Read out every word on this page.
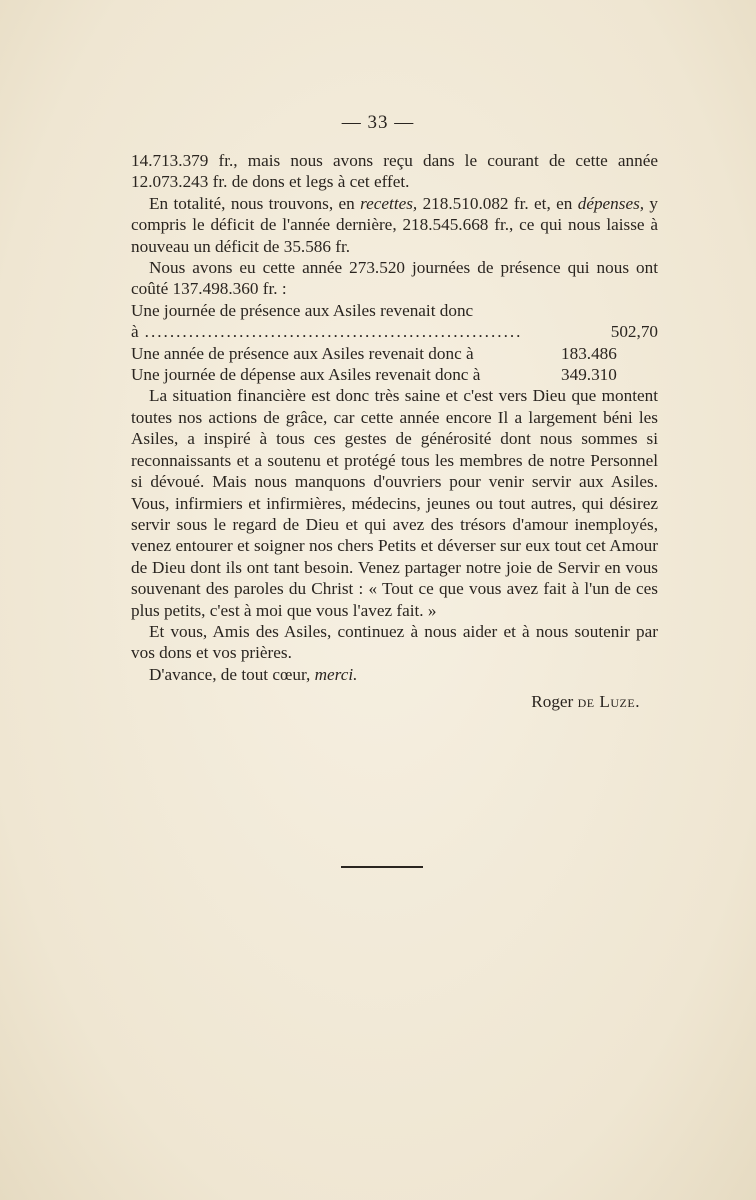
— 33 —

14.713.379 fr., mais nous avons reçu dans le courant de cette année 12.073.243 fr. de dons et legs à cet effet.

En totalité, nous trouvons, en recettes, 218.510.082 fr. et, en dépenses, y compris le déficit de l'année dernière, 218.545.668 fr., ce qui nous laisse à nouveau un déficit de 35.586 fr.

Nous avons eu cette année 273.520 journées de présence qui nous ont coûté 137.498.360 fr. :

Une journée de présence aux Asiles revenait donc
à ............................................................	502,70
Une année de présence aux Asiles revenait donc à	183.486
Une journée de dépense aux Asiles revenait donc à	349.310

La situation financière est donc très saine et c'est vers Dieu que montent toutes nos actions de grâce, car cette année encore Il a largement béni les Asiles, a inspiré à tous ces gestes de générosité dont nous sommes si reconnaissants et a soutenu et protégé tous les membres de notre Personnel si dévoué. Mais nous manquons d'ouvriers pour venir servir aux Asiles. Vous, infirmiers et infirmières, médecins, jeunes ou tout autres, qui désirez servir sous le regard de Dieu et qui avez des trésors d'amour inemployés, venez entourer et soigner nos chers Petits et déverser sur eux tout cet Amour de Dieu dont ils ont tant besoin. Venez partager notre joie de Servir en vous souvenant des paroles du Christ : « Tout ce que vous avez fait à l'un de ces plus petits, c'est à moi que vous l'avez fait. »

Et vous, Amis des Asiles, continuez à nous aider et à nous soutenir par vos dons et vos prières.

D'avance, de tout cœur, merci.

Roger de Luze.
